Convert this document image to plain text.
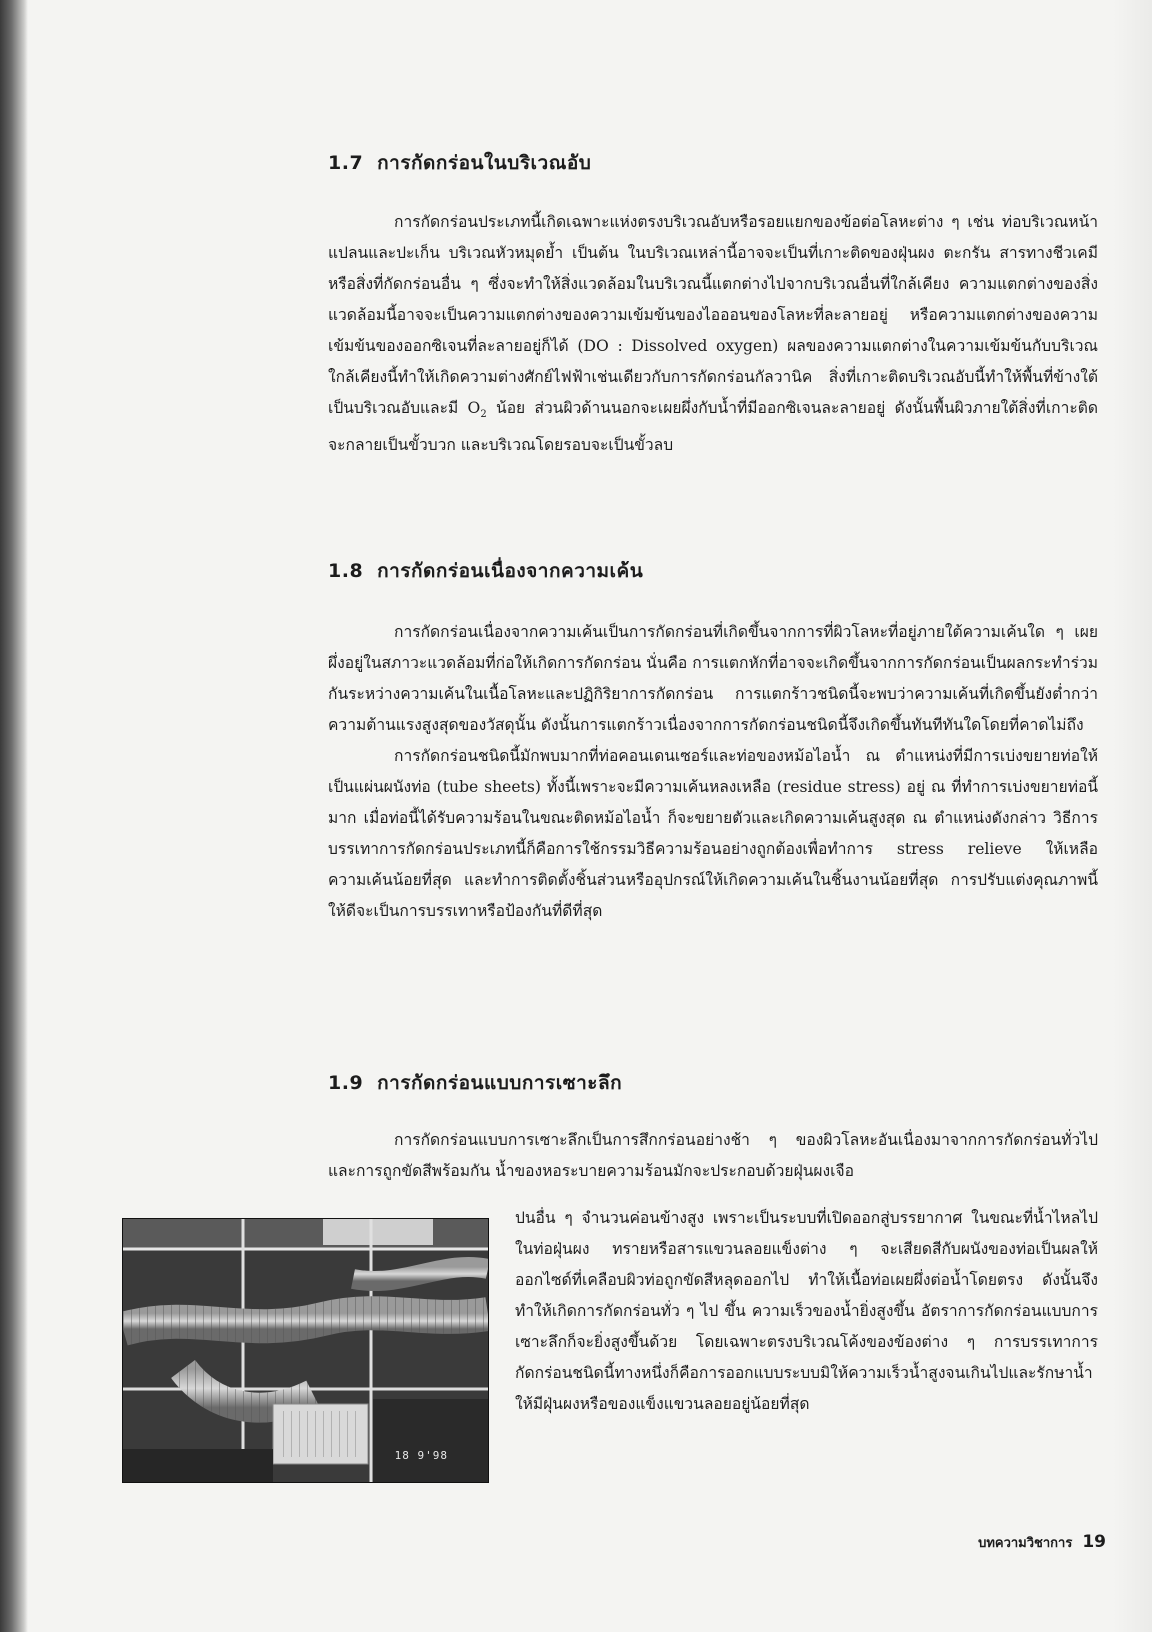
1.7 การกัดกร่อนในบริเวณอับ

การกัดกร่อนประเภทนี้เกิดเฉพาะแห่งตรงบริเวณอับหรือรอยแยกของข้อต่อโลหะต่าง ๆ เช่น ท่อบริเวณหน้าแปลนและปะเก็น บริเวณหัวหมุดย้ำ เป็นต้น ในบริเวณเหล่านี้อาจจะเป็นที่เกาะติดของฝุ่นผง ตะกรัน สารทางชีวเคมี หรือสิ่งที่กัดกร่อนอื่น ๆ ซึ่งจะทำให้สิ่งแวดล้อมในบริเวณนี้แตกต่างไปจากบริเวณอื่นที่ใกล้เคียง ความแตกต่างของสิ่งแวดล้อมนี้อาจจะเป็นความแตกต่างของความเข้มข้นของไอออนของโลหะที่ละลายอยู่ หรือความแตกต่างของความเข้มข้นของออกซิเจนที่ละลายอยู่ก็ได้ (DO : Dissolved oxygen) ผลของความแตกต่างในความเข้มข้นกับบริเวณใกล้เคียงนี้ทำให้เกิดความต่างศักย์ไฟฟ้าเช่นเดียวกับการกัดกร่อนกัลวานิค สิ่งที่เกาะติดบริเวณอับนี้ทำให้พื้นที่ข้างใต้เป็นบริเวณอับและมี $O_2$ น้อย ส่วนผิวด้านนอกจะเผยผึ่งกับน้ำที่มีออกซิเจนละลายอยู่ ดังนั้นพื้นผิวภายใต้สิ่งที่เกาะติดจะกลายเป็นขั้วบวก และบริเวณโดยรอบจะเป็นขั้วลบ

1.8 การกัดกร่อนเนื่องจากความเค้น

การกัดกร่อนเนื่องจากความเค้นเป็นการกัดกร่อนที่เกิดขึ้นจากการที่ผิวโลหะที่อยู่ภายใต้ความเค้นใด ๆ เผยผึ่งอยู่ในสภาวะแวดล้อมที่ก่อให้เกิดการกัดกร่อน นั่นคือ การแตกหักที่อาจจะเกิดขึ้นจากการกัดกร่อนเป็นผลกระทำร่วมกันระหว่างความเค้นในเนื้อโลหะและปฏิกิริยาการกัดกร่อน การแตกร้าวชนิดนี้จะพบว่าความเค้นที่เกิดขึ้นยังต่ำกว่าความต้านแรงสูงสุดของวัสดุนั้น ดังนั้นการแตกร้าวเนื่องจากการกัดกร่อนชนิดนี้จึงเกิดขึ้นทันทีทันใดโดยที่คาดไม่ถึง

การกัดกร่อนชนิดนี้มักพบมากที่ท่อคอนเดนเซอร์และท่อของหม้อไอน้ำ ณ ตำแหน่งที่มีการเบ่งขยายท่อให้เป็นแผ่นผนังท่อ (tube sheets) ทั้งนี้เพราะจะมีความเค้นหลงเหลือ (residue stress) อยู่ ณ ที่ทำการเบ่งขยายท่อนี้มาก เมื่อท่อนี้ได้รับความร้อนในขณะติดหม้อไอน้ำ ก็จะขยายตัวและเกิดความเค้นสูงสุด ณ ตำแหน่งดังกล่าว วิธีการบรรเทาการกัดกร่อนประเภทนี้ก็คือการใช้กรรมวิธีความร้อนอย่างถูกต้องเพื่อทำการ stress relieve ให้เหลือความเค้นน้อยที่สุด และทำการติดตั้งชิ้นส่วนหรืออุปกรณ์ให้เกิดความเค้นในชิ้นงานน้อยที่สุด การปรับแต่งคุณภาพนี้ให้ดีจะเป็นการบรรเทาหรือป้องกันที่ดีที่สุด

1.9 การกัดกร่อนแบบการเซาะลึก

การกัดกร่อนแบบการเซาะลึกเป็นการสึกกร่อนอย่างช้า ๆ ของผิวโลหะอันเนื่องมาจากการกัดกร่อนทั่วไปและการถูกขัดสีพร้อมกัน น้ำของหอระบายความร้อนมักจะประกอบด้วยฝุ่นผงเจือ

ปนอื่น ๆ จำนวนค่อนข้างสูง เพราะเป็นระบบที่เปิดออกสู่บรรยากาศ ในขณะที่น้ำไหลไปในท่อฝุ่นผง ทรายหรือสารแขวนลอยแข็งต่าง ๆ จะเสียดสีกับผนังของท่อเป็นผลให้ออกไซด์ที่เคลือบผิวท่อถูกขัดสีหลุดออกไป ทำให้เนื้อท่อเผยผึ่งต่อน้ำโดยตรง ดังนั้นจึงทำให้เกิดการกัดกร่อนทั่ว ๆ ไป ขึ้น ความเร็วของน้ำยิ่งสูงขึ้น อัตราการกัดกร่อนแบบการเซาะลึกก็จะยิ่งสูงขึ้นด้วย โดยเฉพาะตรงบริเวณโค้งของข้องต่าง ๆ การบรรเทาการกัดกร่อนชนิดนี้ทางหนึ่งก็คือการออกแบบระบบมิให้ความเร็วน้ำสูงจนเกินไปและรักษาน้ำให้มีฝุ่นผงหรือของแข็งแขวนลอยอยู่น้อยที่สุด

18 9'98
บทความวิชาการ 19
